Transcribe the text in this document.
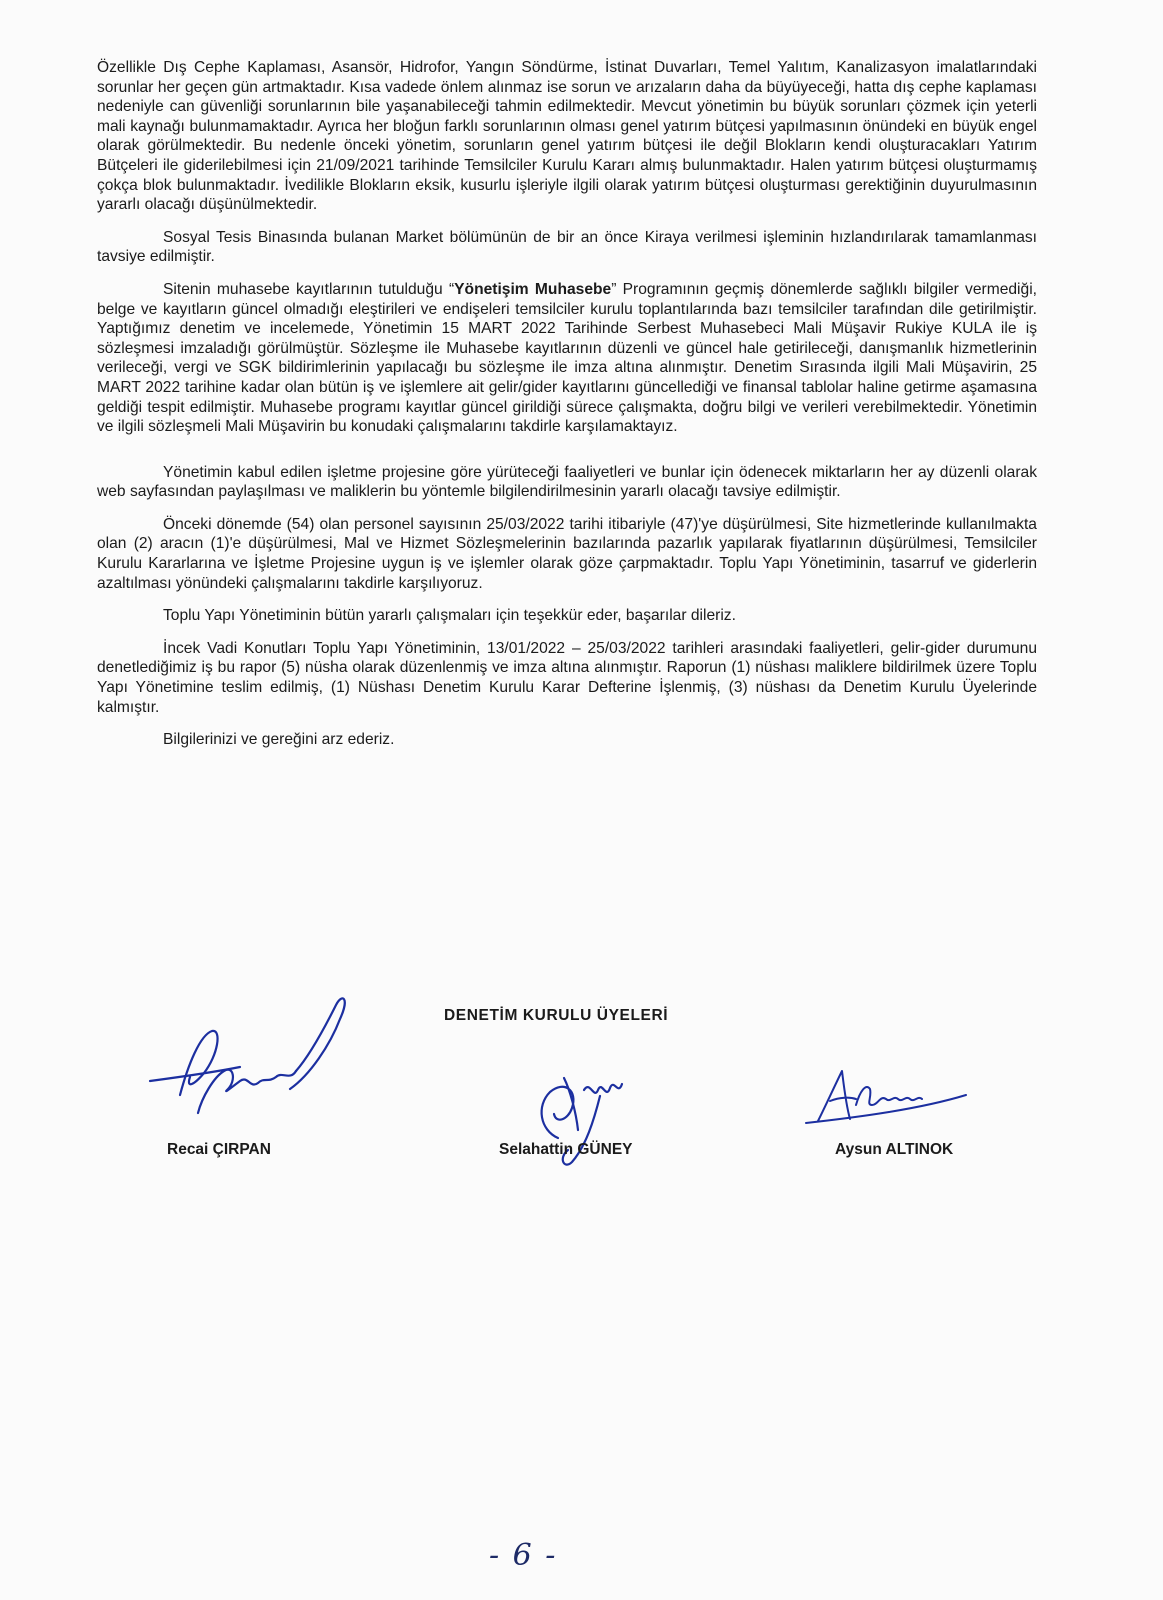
Özellikle Dış Cephe Kaplaması, Asansör, Hidrofor, Yangın Söndürme, İstinat Duvarları, Temel Yalıtım, Kanalizasyon imalatlarındaki sorunlar her geçen gün artmaktadır. Kısa vadede önlem alınmaz ise sorun ve arızaların daha da büyüyeceği, hatta dış cephe kaplaması nedeniyle can güvenliği sorunlarının bile yaşanabileceği tahmin edilmektedir. Mevcut yönetimin bu büyük sorunları çözmek için yeterli mali kaynağı bulunmamaktadır. Ayrıca her bloğun farklı sorunlarının olması genel yatırım bütçesi yapılmasının önündeki en büyük engel olarak görülmektedir. Bu nedenle önceki yönetim, sorunların genel yatırım bütçesi ile değil Blokların kendi oluşturacakları Yatırım Bütçeleri ile giderilebilmesi için 21/09/2021 tarihinde Temsilciler Kurulu Kararı almış bulunmaktadır. Halen yatırım bütçesi oluşturmamış çokça blok bulunmaktadır. İvedilikle Blokların eksik, kusurlu işleriyle ilgili olarak yatırım bütçesi oluşturması gerektiğinin duyurulmasının yararlı olacağı düşünülmektedir.

Sosyal Tesis Binasında bulanan Market bölümünün de bir an önce Kiraya verilmesi işleminin hızlandırılarak tamamlanması tavsiye edilmiştir.

Sitenin muhasebe kayıtlarının tutulduğu “Yönetişim Muhasebe” Programının geçmiş dönemlerde sağlıklı bilgiler vermediği, belge ve kayıtların güncel olmadığı eleştirileri ve endişeleri temsilciler kurulu toplantılarında bazı temsilciler tarafından dile getirilmiştir. Yaptığımız denetim ve incelemede, Yönetimin 15 MART 2022 Tarihinde Serbest Muhasebeci Mali Müşavir Rukiye KULA ile iş sözleşmesi imzaladığı görülmüştür. Sözleşme ile Muhasebe kayıtlarının düzenli ve güncel hale getirileceği, danışmanlık hizmetlerinin verileceği, vergi ve SGK bildirimlerinin yapılacağı bu sözleşme ile imza altına alınmıştır. Denetim Sırasında ilgili Mali Müşavirin, 25 MART 2022 tarihine kadar olan bütün iş ve işlemlere ait gelir/gider kayıtlarını güncellediği ve finansal tablolar haline getirme aşamasına geldiği tespit edilmiştir. Muhasebe programı kayıtlar güncel girildiği sürece çalışmakta, doğru bilgi ve verileri verebilmektedir. Yönetimin ve ilgili sözleşmeli Mali Müşavirin bu konudaki çalışmalarını takdirle karşılamaktayız.

Yönetimin kabul edilen işletme projesine göre yürüteceği faaliyetleri ve bunlar için ödenecek miktarların her ay düzenli olarak web sayfasından paylaşılması ve maliklerin bu yöntemle bilgilendirilmesinin yararlı olacağı tavsiye edilmiştir.

Önceki dönemde (54) olan personel sayısının 25/03/2022 tarihi itibariyle (47)'ye düşürülmesi, Site hizmetlerinde kullanılmakta olan (2) aracın (1)'e düşürülmesi, Mal ve Hizmet Sözleşmelerinin bazılarında pazarlık yapılarak fiyatlarının düşürülmesi, Temsilciler Kurulu Kararlarına ve İşletme Projesine uygun iş ve işlemler olarak göze çarpmaktadır. Toplu Yapı Yönetiminin, tasarruf ve giderlerin azaltılması yönündeki çalışmalarını takdirle karşılıyoruz.

Toplu Yapı Yönetiminin bütün yararlı çalışmaları için teşekkür eder, başarılar dileriz.

İncek Vadi Konutları Toplu Yapı Yönetiminin, 13/01/2022 – 25/03/2022 tarihleri arasındaki faaliyetleri, gelir-gider durumunu denetlediğimiz iş bu rapor (5) nüsha olarak düzenlenmiş ve imza altına alınmıştır. Raporun (1) nüshası maliklere bildirilmek üzere Toplu Yapı Yönetimine teslim edilmiş, (1) Nüshası Denetim Kurulu Karar Defterine İşlenmiş, (3) nüshası da Denetim Kurulu Üyelerinde kalmıştır.

Bilgilerinizi ve gereğini arz ederiz.

DENETİM KURULU ÜYELERİ
Recai ÇIRPAN	Selahattin GÜNEY	Aysun ALTINOK
- 6 -
